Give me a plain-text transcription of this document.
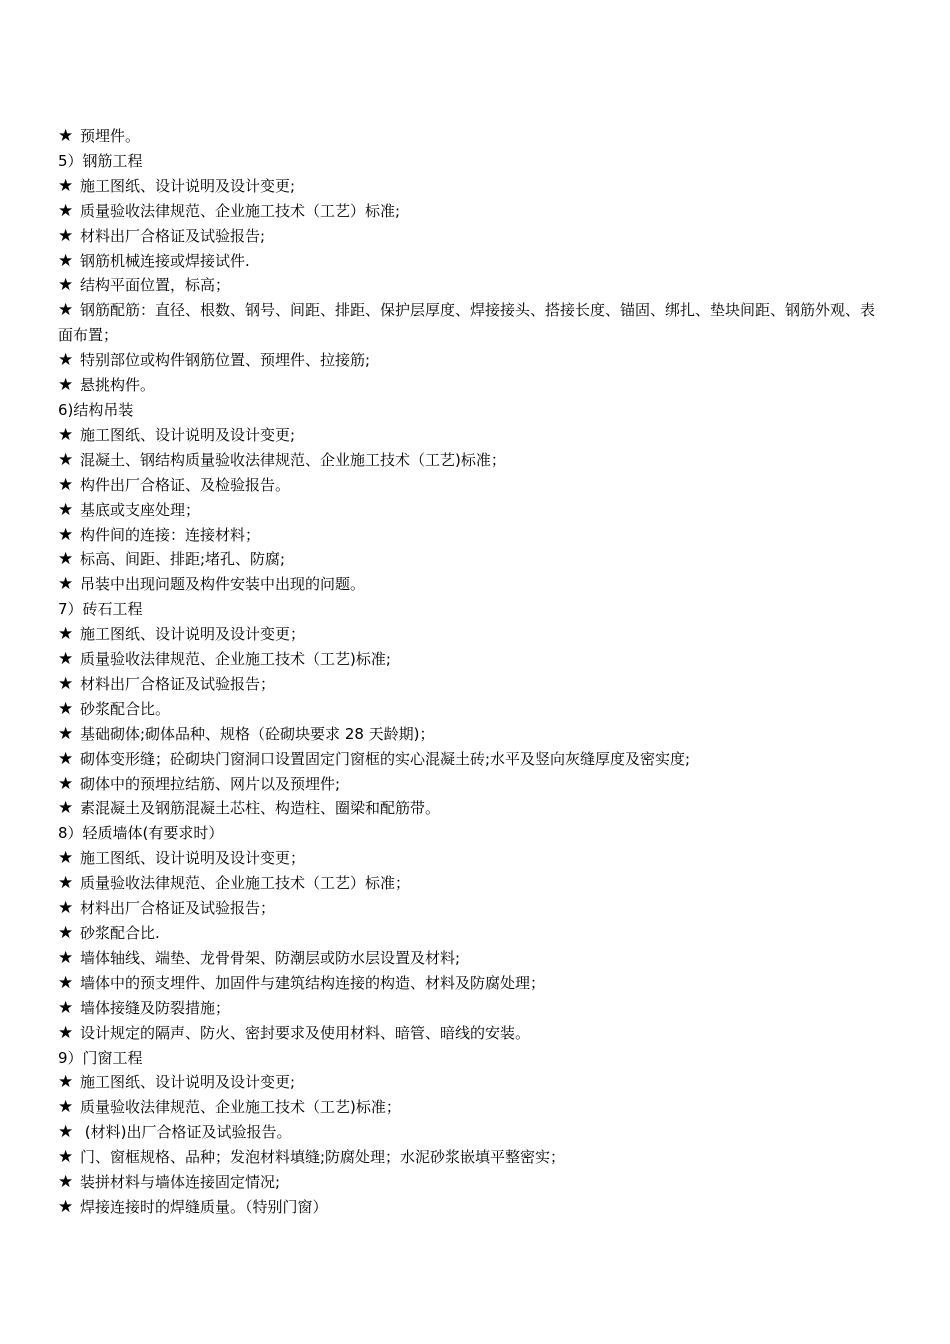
★ 预埋件。
5）钢筋工程
★ 施工图纸、设计说明及设计变更;
★ 质量验收法律规范、企业施工技术（工艺）标准;
★ 材料出厂合格证及试验报告;
★ 钢筋机械连接或焊接试件.
★ 结构平面位置，标高；
★ 钢筋配筋：直径、根数、钢号、间距、排距、保护层厚度、焊接接头、搭接长度、锚固、绑扎、垫块间距、钢筋外观、表面布置；
★ 特别部位或构件钢筋位置、预埋件、拉接筋;
★ 悬挑构件。
6)结构吊装
★ 施工图纸、设计说明及设计变更;
★ 混凝土、钢结构质量验收法律规范、企业施工技术（工艺)标准；
★ 构件出厂合格证、及检验报告。
★ 基底或支座处理；
★ 构件间的连接：连接材料；
★ 标高、间距、排距;堵孔、防腐;
★ 吊装中出现问题及构件安装中出现的问题。
7）砖石工程
★ 施工图纸、设计说明及设计变更；
★ 质量验收法律规范、企业施工技术（工艺)标准;
★ 材料出厂合格证及试验报告；
★ 砂浆配合比。
★ 基础砌体;砌体品种、规格（砼砌块要求 28 天龄期)；
★ 砌体变形缝；砼砌块门窗洞口设置固定门窗框的实心混凝土砖;水平及竖向灰缝厚度及密实度;
★ 砌体中的预埋拉结筋、网片以及预埋件;
★ 素混凝土及钢筋混凝土芯柱、构造柱、圈梁和配筋带。
8）轻质墙体(有要求时）
★ 施工图纸、设计说明及设计变更；
★ 质量验收法律规范、企业施工技术（工艺）标准；
★ 材料出厂合格证及试验报告；
★ 砂浆配合比.
★ 墙体轴线、端垫、龙骨骨架、防潮层或防水层设置及材料;
★ 墙体中的预支埋件、加固件与建筑结构连接的构造、材料及防腐处理；
★ 墙体接缝及防裂措施；
★ 设计规定的隔声、防火、密封要求及使用材料、暗管、暗线的安装。
9）门窗工程
★ 施工图纸、设计说明及设计变更;
★ 质量验收法律规范、企业施工技术（工艺)标准；
★ (材料)出厂合格证及试验报告。
★ 门、窗框规格、品种；发泡材料填缝;防腐处理；水泥砂浆嵌填平整密实；
★ 装拼材料与墙体连接固定情况;
★ 焊接连接时的焊缝质量。（特别门窗）
